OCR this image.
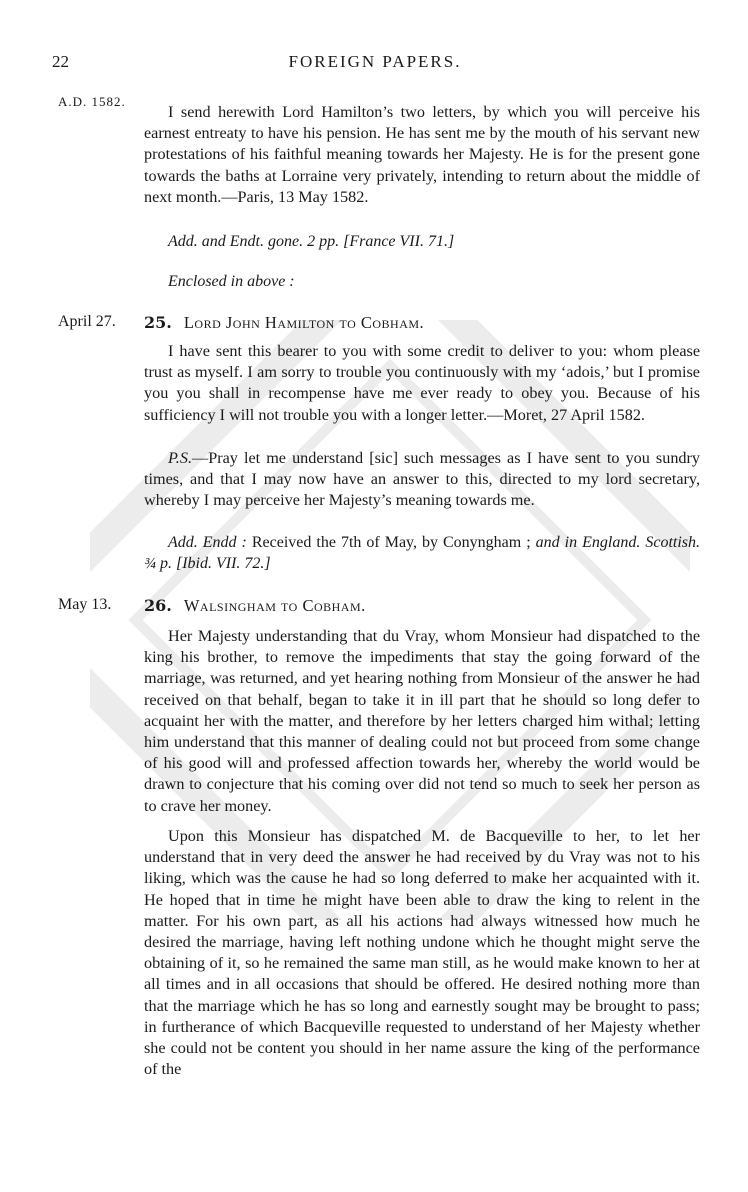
22	FOREIGN PAPERS.
A.D. 1582.
April 27.
May 13.

I send herewith Lord Hamilton’s two letters, by which you will perceive his earnest entreaty to have his pension. He has sent me by the mouth of his servant new protestations of his faithful meaning towards her Majesty. He is for the present gone towards the baths at Lorraine very privately, intending to return about the middle of next month.—Paris, 13 May 1582.

Add. and Endt. gone. 2 pp. [France VII. 71.]
Enclosed in above :
25. Lord John Hamilton to Cobham.

I have sent this bearer to you with some credit to deliver to you: whom please trust as myself. I am sorry to trouble you continuously with my ‘adois,’ but I promise you you shall in recompense have me ever ready to obey you. Because of his sufficiency I will not trouble you with a longer letter.—Moret, 27 April 1582.

P.S.—Pray let me understand [sic] such messages as I have sent to you sundry times, and that I may now have an answer to this, directed to my lord secretary, whereby I may perceive her Majesty’s meaning towards me.

Add. Endd : Received the 7th of May, by Conyngham ; and in England. Scottish. ¾ p. [Ibid. VII. 72.]

26. Walsingham to Cobham.

Her Majesty understanding that du Vray, whom Monsieur had dispatched to the king his brother, to remove the impediments that stay the going forward of the marriage, was returned, and yet hearing nothing from Monsieur of the answer he had received on that behalf, began to take it in ill part that he should so long defer to acquaint her with the matter, and therefore by her letters charged him withal; letting him understand that this manner of dealing could not but proceed from some change of his good will and professed affection towards her, whereby the world would be drawn to conjecture that his coming over did not tend so much to seek her person as to crave her money.

Upon this Monsieur has dispatched M. de Bacqueville to her, to let her understand that in very deed the answer he had received by du Vray was not to his liking, which was the cause he had so long deferred to make her acquainted with it. He hoped that in time he might have been able to draw the king to relent in the matter. For his own part, as all his actions had always witnessed how much he desired the marriage, having left nothing undone which he thought might serve the obtaining of it, so he remained the same man still, as he would make known to her at all times and in all occasions that should be offered. He desired nothing more than that the marriage which he has so long and earnestly sought may be brought to pass; in furtherance of which Bacqueville requested to understand of her Majesty whether she could not be content you should in her name assure the king of the performance of the
